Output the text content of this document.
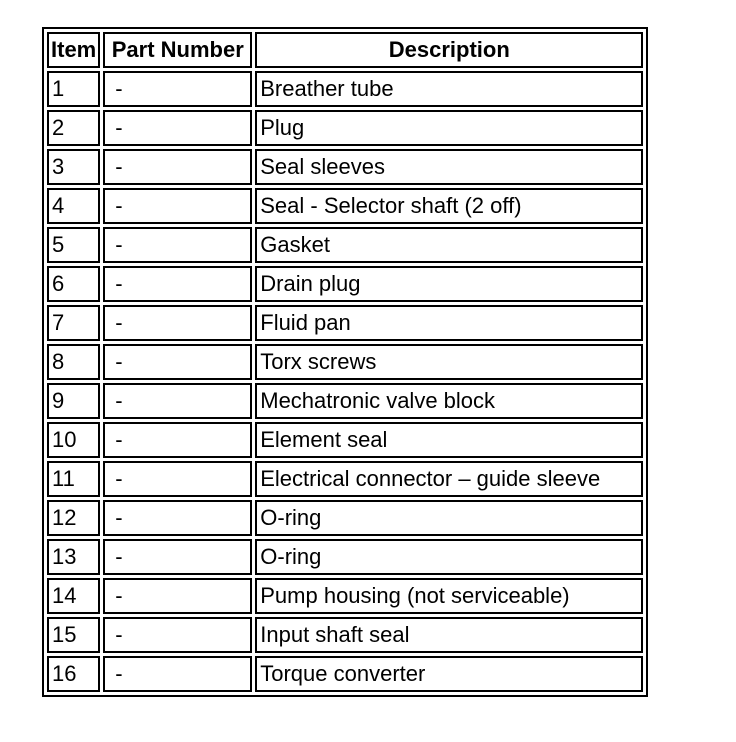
Item	Part Number	Description
1	-	Breather tube
2	-	Plug
3	-	Seal sleeves
4	-	Seal - Selector shaft (2 off)
5	-	Gasket
6	-	Drain plug
7	-	Fluid pan
8	-	Torx screws
9	-	Mechatronic valve block
10	-	Element seal
11	-	Electrical connector – guide sleeve
12	-	O-ring
13	-	O-ring
14	-	Pump housing (not serviceable)
15	-	Input shaft seal
16	-	Torque converter
